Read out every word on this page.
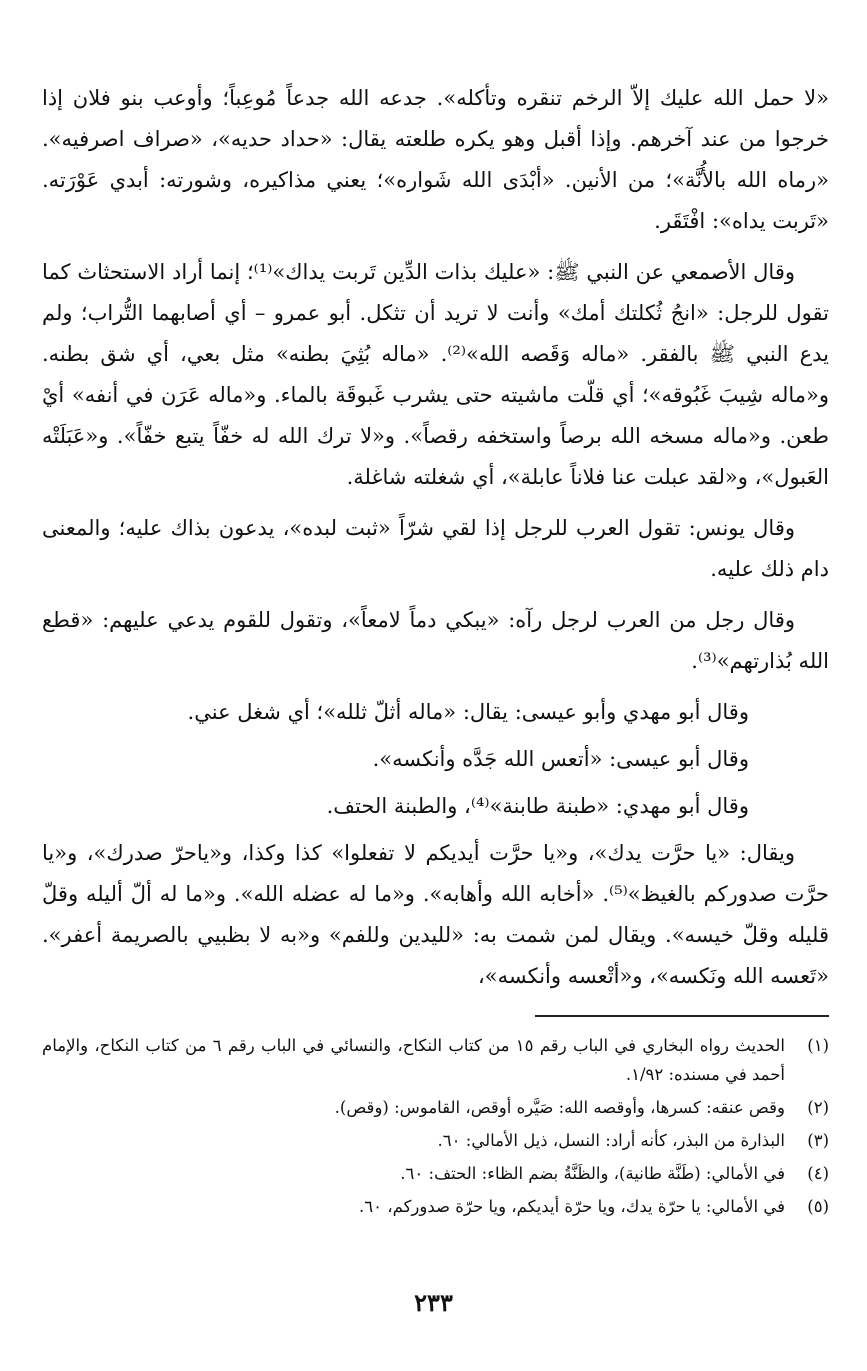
«لا حمل الله عليك إلاّ الرخم تنقره وتأكله». جدعه الله جدعاً مُوعِباً؛ وأوعب بنو فلان إذا خرجوا من عند آخرهم. وإذا أقبل وهو يكره طلعته يقال: «حداد حديه»، «صراف اصرفيه». «رماه الله بالأُنَّة»؛ من الأنين. «أبْدَى الله شَواره»؛ يعني مذاكيره، وشورته: أبدي عَوْرَته. «تَربت يداه»: افْتَقَر.

وقال الأصمعي عن النبي ﷺ: «عليك بذات الدِّين تَربت يداك»⁽¹⁾؛ إنما أراد الاستحثاث كما تقول للرجل: «انجُ ثُكلتك أمك» وأنت لا تريد أن تثكل. أبو عمرو – أي أصابهما التُّراب؛ ولم يدع النبي ﷺ بالفقر. «ماله وَقَصه الله»⁽²⁾. «ماله بُثِيَ بطنه» مثل بعي، أي شق بطنه. و«ماله شِيبَ غَبُوقه»؛ أي قلّت ماشيته حتى يشرب غَبوقَة بالماء. و«ماله عَرَن في أنفه» أيْ طعن. و«ماله مسخه الله برصاً واستخفه رقصاً». و«لا ترك الله له خفّاً يتبع خفّاً». و«عَبَلَتْه العَبول»، و«لقد عبلت عنا فلاناً عابلة»، أي شغلته شاغلة.

وقال يونس: تقول العرب للرجل إذا لقي شرّاً «ثبت لبده»، يدعون بذاك عليه؛ والمعنى دام ذلك عليه.

وقال رجل من العرب لرجل رآه: «يبكي دماً لامعاً»، وتقول للقوم يدعي عليهم: «قطع الله بُذارتهم»⁽³⁾.

وقال أبو مهدي وأبو عيسى: يقال: «ماله أثلّ ثلله»؛ أي شغل عني.

وقال أبو عيسى: «أتعس الله جَدَّه وأنكسه».

وقال أبو مهدي: «طبنة طابنة»⁽⁴⁾، والطبنة الحتف.

ويقال: «يا حرَّت يدك»، و«يا حرَّت أيديكم لا تفعلوا» كذا وكذا، و«ياحرّ صدرك»، و«يا حرَّت صدوركم بالغيظ»⁽⁵⁾. «أخابه الله وأهابه». و«ما له عضله الله». و«ما له ألّ أليله وقلّ قليله وقلّ خيسه». ويقال لمن شمت به: «لليدين وللفم» و«به لا بظبيي بالصريمة أعفر». «تَعسه الله ونَكسه»، و«أتْعسه وأنكسه»،

(١)
الحديث رواه البخاري في الباب رقم ١٥ من كتاب النكاح، والنسائي في الباب رقم ٦ من كتاب النكاح، والإمام أحمد في مسنده: ١/٩٢.
(٢)
وقص عنقه: كسرها، وأوقصه الله: صَيَّره أوقص، القاموس: (وقص).
(٣)
البذارة من البذر، كأنه أراد: النسل، ذيل الأمالي: ٦٠.
(٤)
في الأمالي: (طَنَّة طانية)، والظَنَّةُ بضم الظاء: الحتف: ٦٠.
(٥)
في الأمالي: يا حرّة يدك، ويا حرّة أيديكم، ويا حرّة صدوركم، ٦٠.
٢٣٣
